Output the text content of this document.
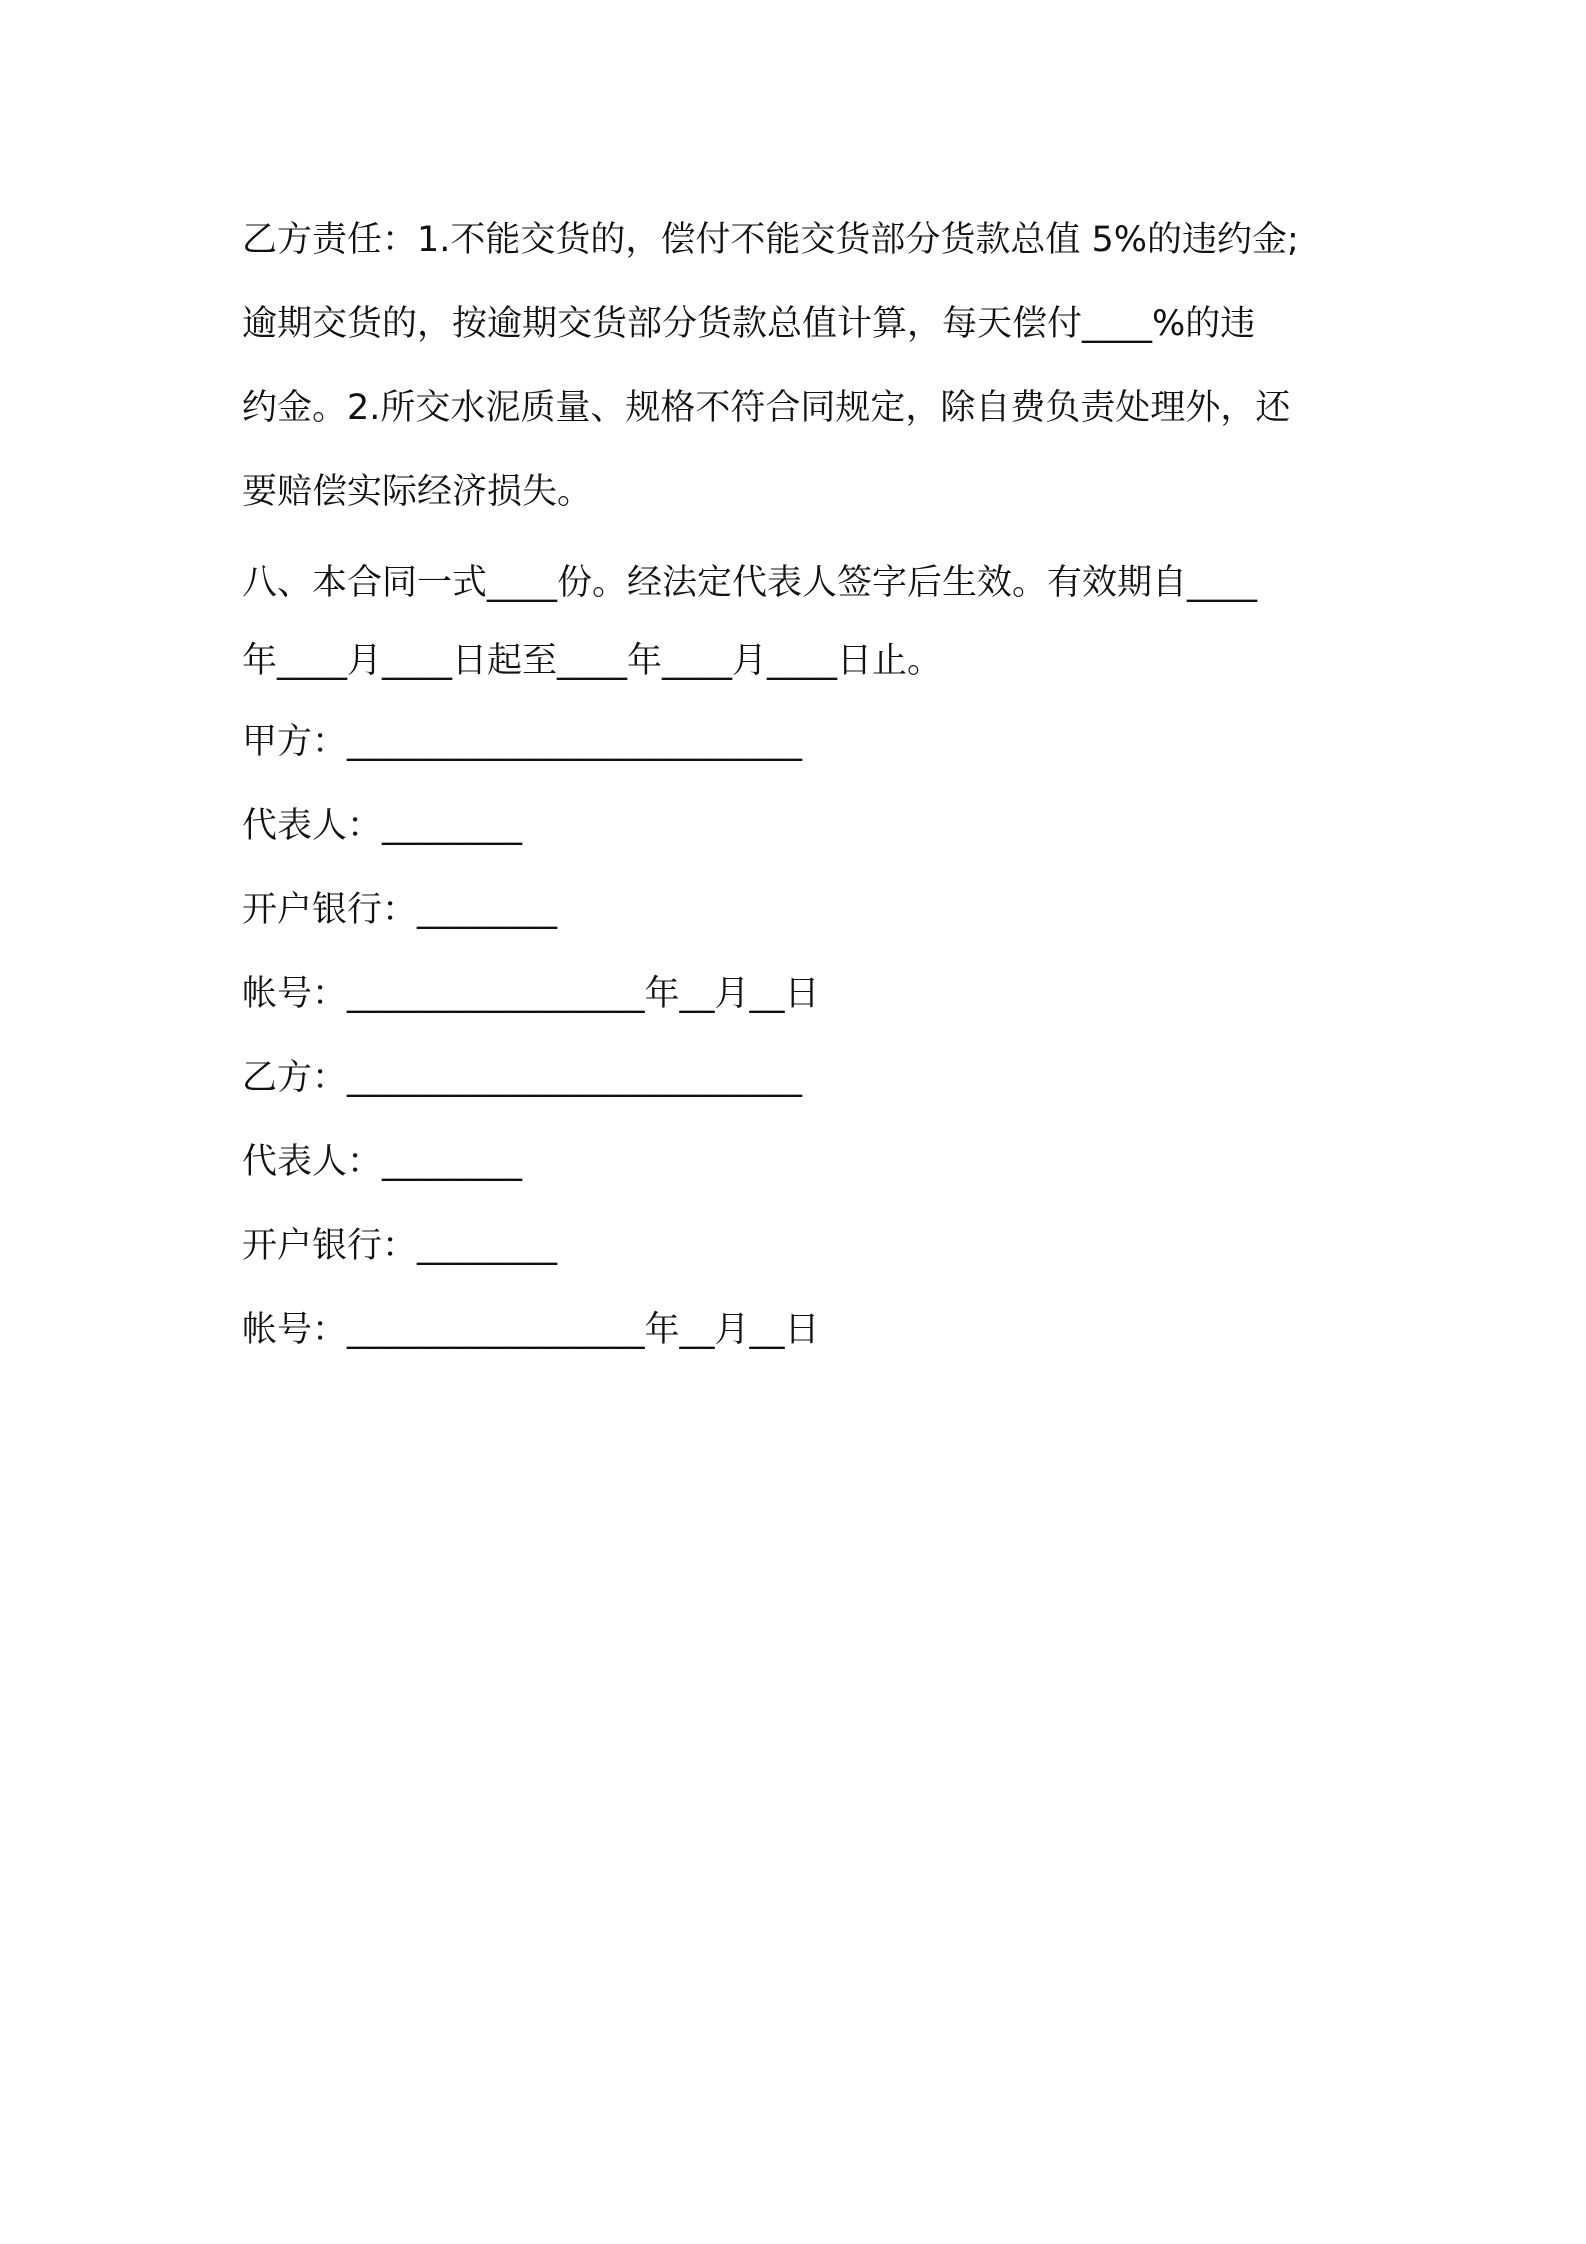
乙方责任：1.不能交货的，偿付不能交货部分货款总值 5%的违约金;

逾期交货的，按逾期交货部分货款总值计算，每天偿付____%的违

约金。2.所交水泥质量、规格不符合同规定，除自费负责处理外，还

要赔偿实际经济损失。

八、本合同一式____份。经法定代表人签字后生效。有效期自____

年____月____日起至____年____月____日止。

甲方：__________________________

代表人：________

开户银行：________

帐号：_________________年__月__日

乙方：__________________________

代表人：________

开户银行：________

帐号：_________________年__月__日
